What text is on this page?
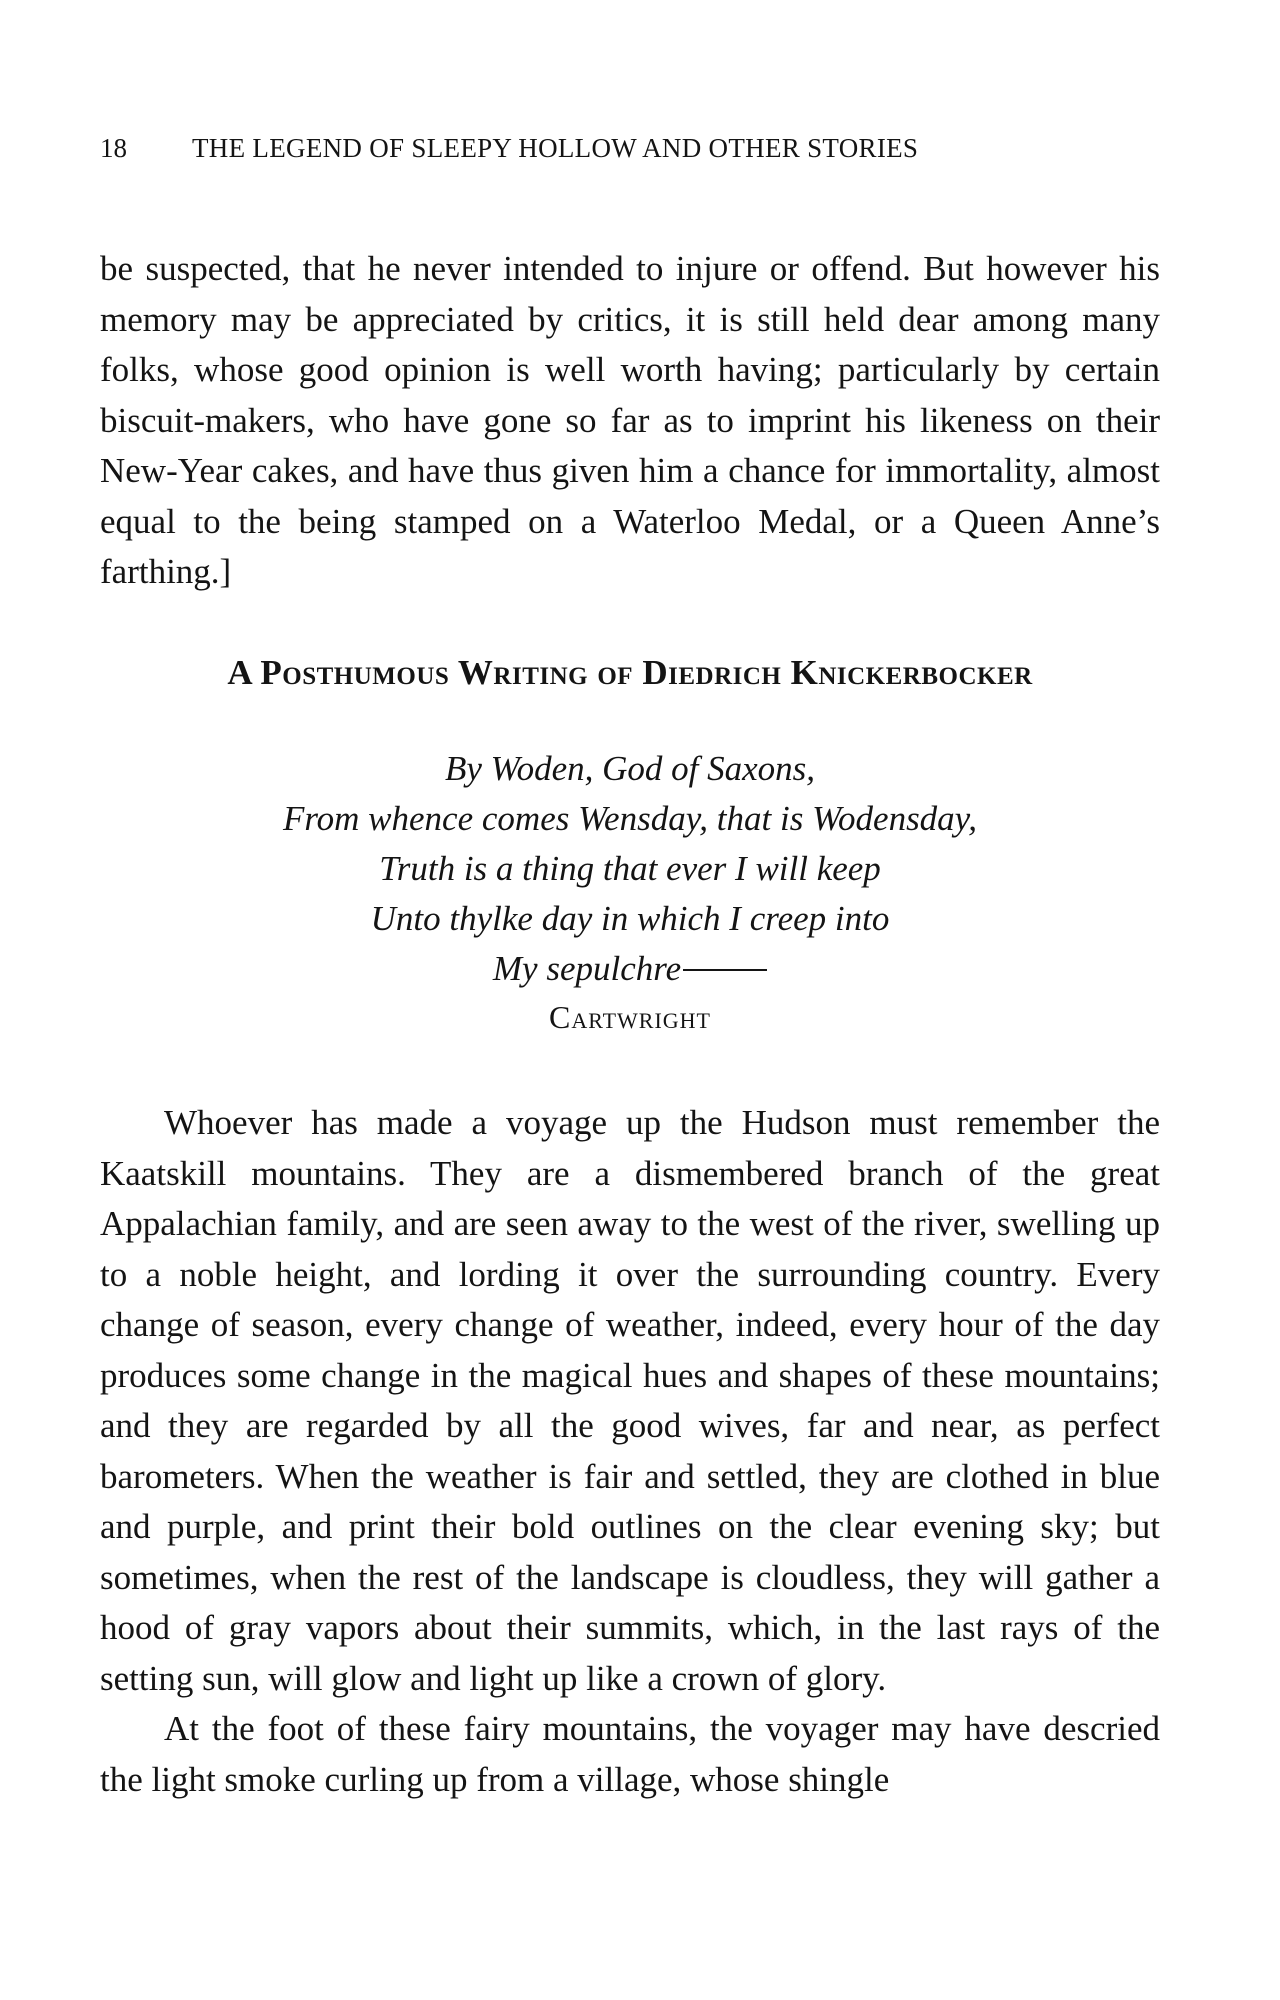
18 THE LEGEND OF SLEEPY HOLLOW AND OTHER STORIES

be suspected, that he never intended to injure or offend. But however his memory may be appreciated by critics, it is still held dear among many folks, whose good opinion is well worth having; particularly by certain biscuit-makers, who have gone so far as to imprint his likeness on their New-Year cakes, and have thus given him a chance for immortality, almost equal to the being stamped on a Waterloo Medal, or a Queen Anne’s farthing.]

A Posthumous Writing of Diedrich Knickerbocker
By Woden, God of Saxons,
From whence comes Wensday, that is Wodensday,
Truth is a thing that ever I will keep
Unto thylke day in which I creep into
My sepulchre
Cartwright

Whoever has made a voyage up the Hudson must remember the Kaatskill mountains. They are a dismembered branch of the great Appalachian family, and are seen away to the west of the river, swelling up to a noble height, and lording it over the surrounding country. Every change of season, every change of weather, indeed, every hour of the day produces some change in the magical hues and shapes of these mountains; and they are regarded by all the good wives, far and near, as perfect barometers. When the weather is fair and settled, they are clothed in blue and purple, and print their bold outlines on the clear evening sky; but sometimes, when the rest of the landscape is cloudless, they will gather a hood of gray vapors about their summits, which, in the last rays of the setting sun, will glow and light up like a crown of glory.

At the foot of these fairy mountains, the voyager may have descried the light smoke curling up from a village, whose shingle
